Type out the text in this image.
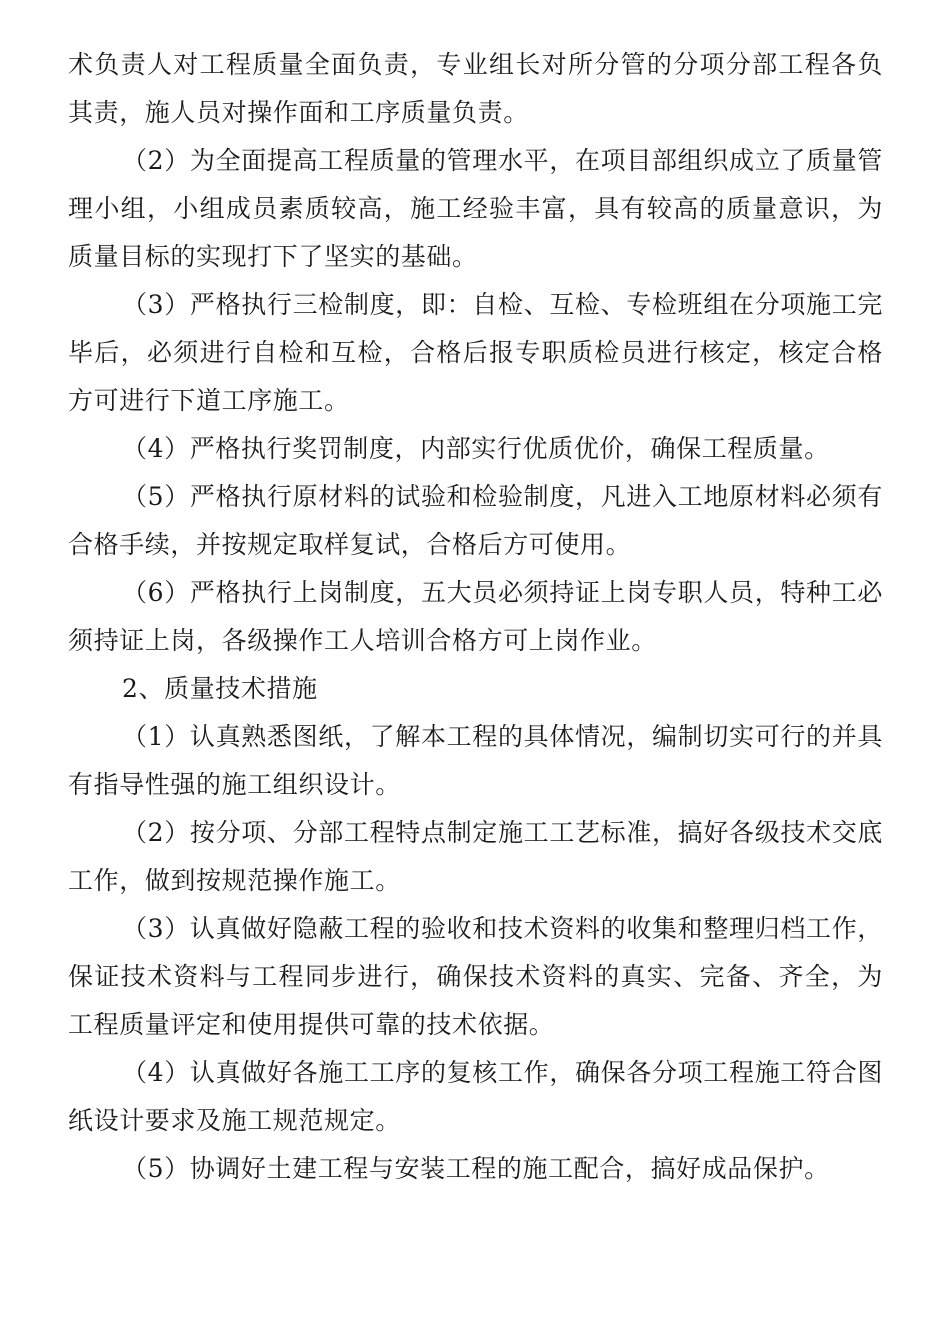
术负责人对工程质量全面负责，专业组长对所分管的分项分部工程各负其责，施人员对操作面和工序质量负责。

（2）为全面提高工程质量的管理水平，在项目部组织成立了质量管理小组，小组成员素质较高，施工经验丰富，具有较高的质量意识，为质量目标的实现打下了坚实的基础。

（3）严格执行三检制度，即：自检、互检、专检班组在分项施工完毕后，必须进行自检和互检，合格后报专职质检员进行核定，核定合格方可进行下道工序施工。

（4）严格执行奖罚制度，内部实行优质优价，确保工程质量。

（5）严格执行原材料的试验和检验制度，凡进入工地原材料必须有合格手续，并按规定取样复试，合格后方可使用。

（6）严格执行上岗制度，五大员必须持证上岗专职人员，特种工必须持证上岗，各级操作工人培训合格方可上岗作业。

2、质量技术措施

（1）认真熟悉图纸，了解本工程的具体情况，编制切实可行的并具有指导性强的施工组织设计。

（2）按分项、分部工程特点制定施工工艺标准，搞好各级技术交底工作，做到按规范操作施工。

（3）认真做好隐蔽工程的验收和技术资料的收集和整理归档工作，保证技术资料与工程同步进行，确保技术资料的真实、完备、齐全，为工程质量评定和使用提供可靠的技术依据。

（4）认真做好各施工工序的复核工作，确保各分项工程施工符合图纸设计要求及施工规范规定。

（5）协调好土建工程与安装工程的施工配合，搞好成品保护。
